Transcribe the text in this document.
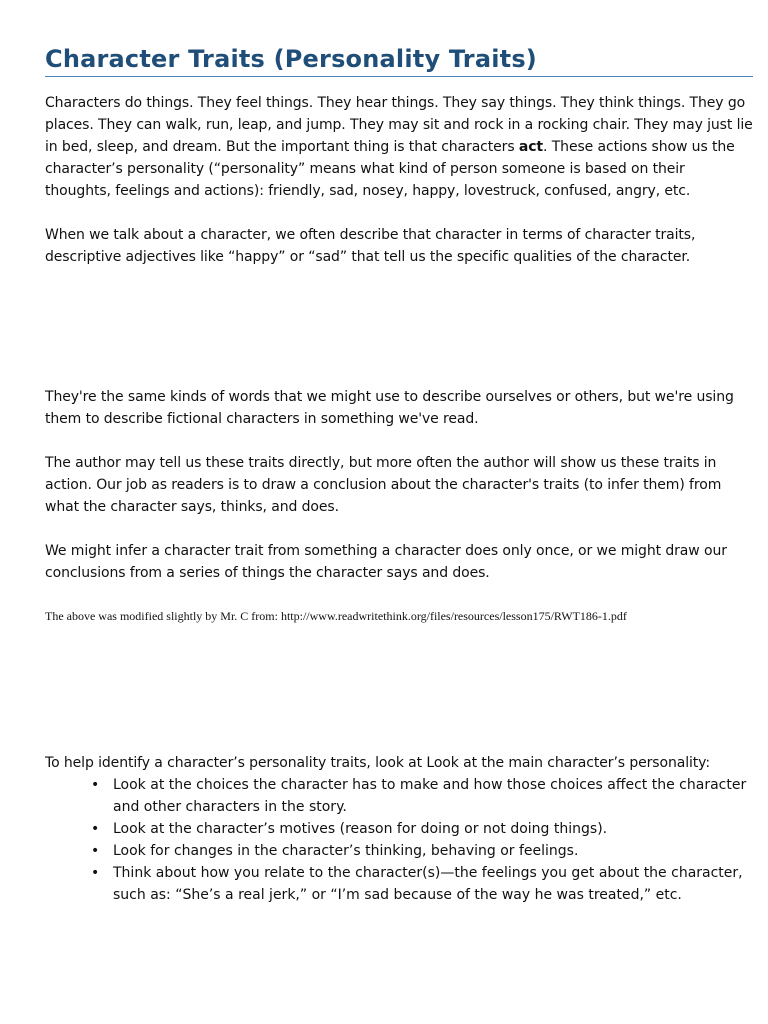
Character Traits (Personality Traits)

Characters do things. They feel things. They hear things. They say things. They think things. They go places. They can walk, run, leap, and jump. They may sit and rock in a rocking chair. They may just lie in bed, sleep, and dream. But the important thing is that characters act. These actions show us the character’s personality (“personality” means what kind of person someone is based on their thoughts, feelings and actions): friendly, sad, nosey, happy, lovestruck, confused, angry, etc.

When we talk about a character, we often describe that character in terms of character traits, descriptive adjectives like “happy” or “sad” that tell us the specific qualities of the character.

They're the same kinds of words that we might use to describe ourselves or others, but we're using them to describe fictional characters in something we've read.

The author may tell us these traits directly, but more often the author will show us these traits in action. Our job as readers is to draw a conclusion about the character's traits (to infer them) from what the character says, thinks, and does.

We might infer a character trait from something a character does only once, or we might draw our conclusions from a series of things the character says and does.

The above was modified slightly by Mr. C from: http://www.readwritethink.org/files/resources/lesson175/RWT186-1.pdf

To help identify a character’s personality traits, look at Look at the main character’s personality:

• Look at the choices the character has to make and how those choices affect the character and other characters in the story.
• Look at the character’s motives (reason for doing or not doing things).
• Look for changes in the character’s thinking, behaving or feelings.
• Think about how you relate to the character(s)—the feelings you get about the character, such as: “She’s a real jerk,” or “I’m sad because of the way he was treated,” etc.
